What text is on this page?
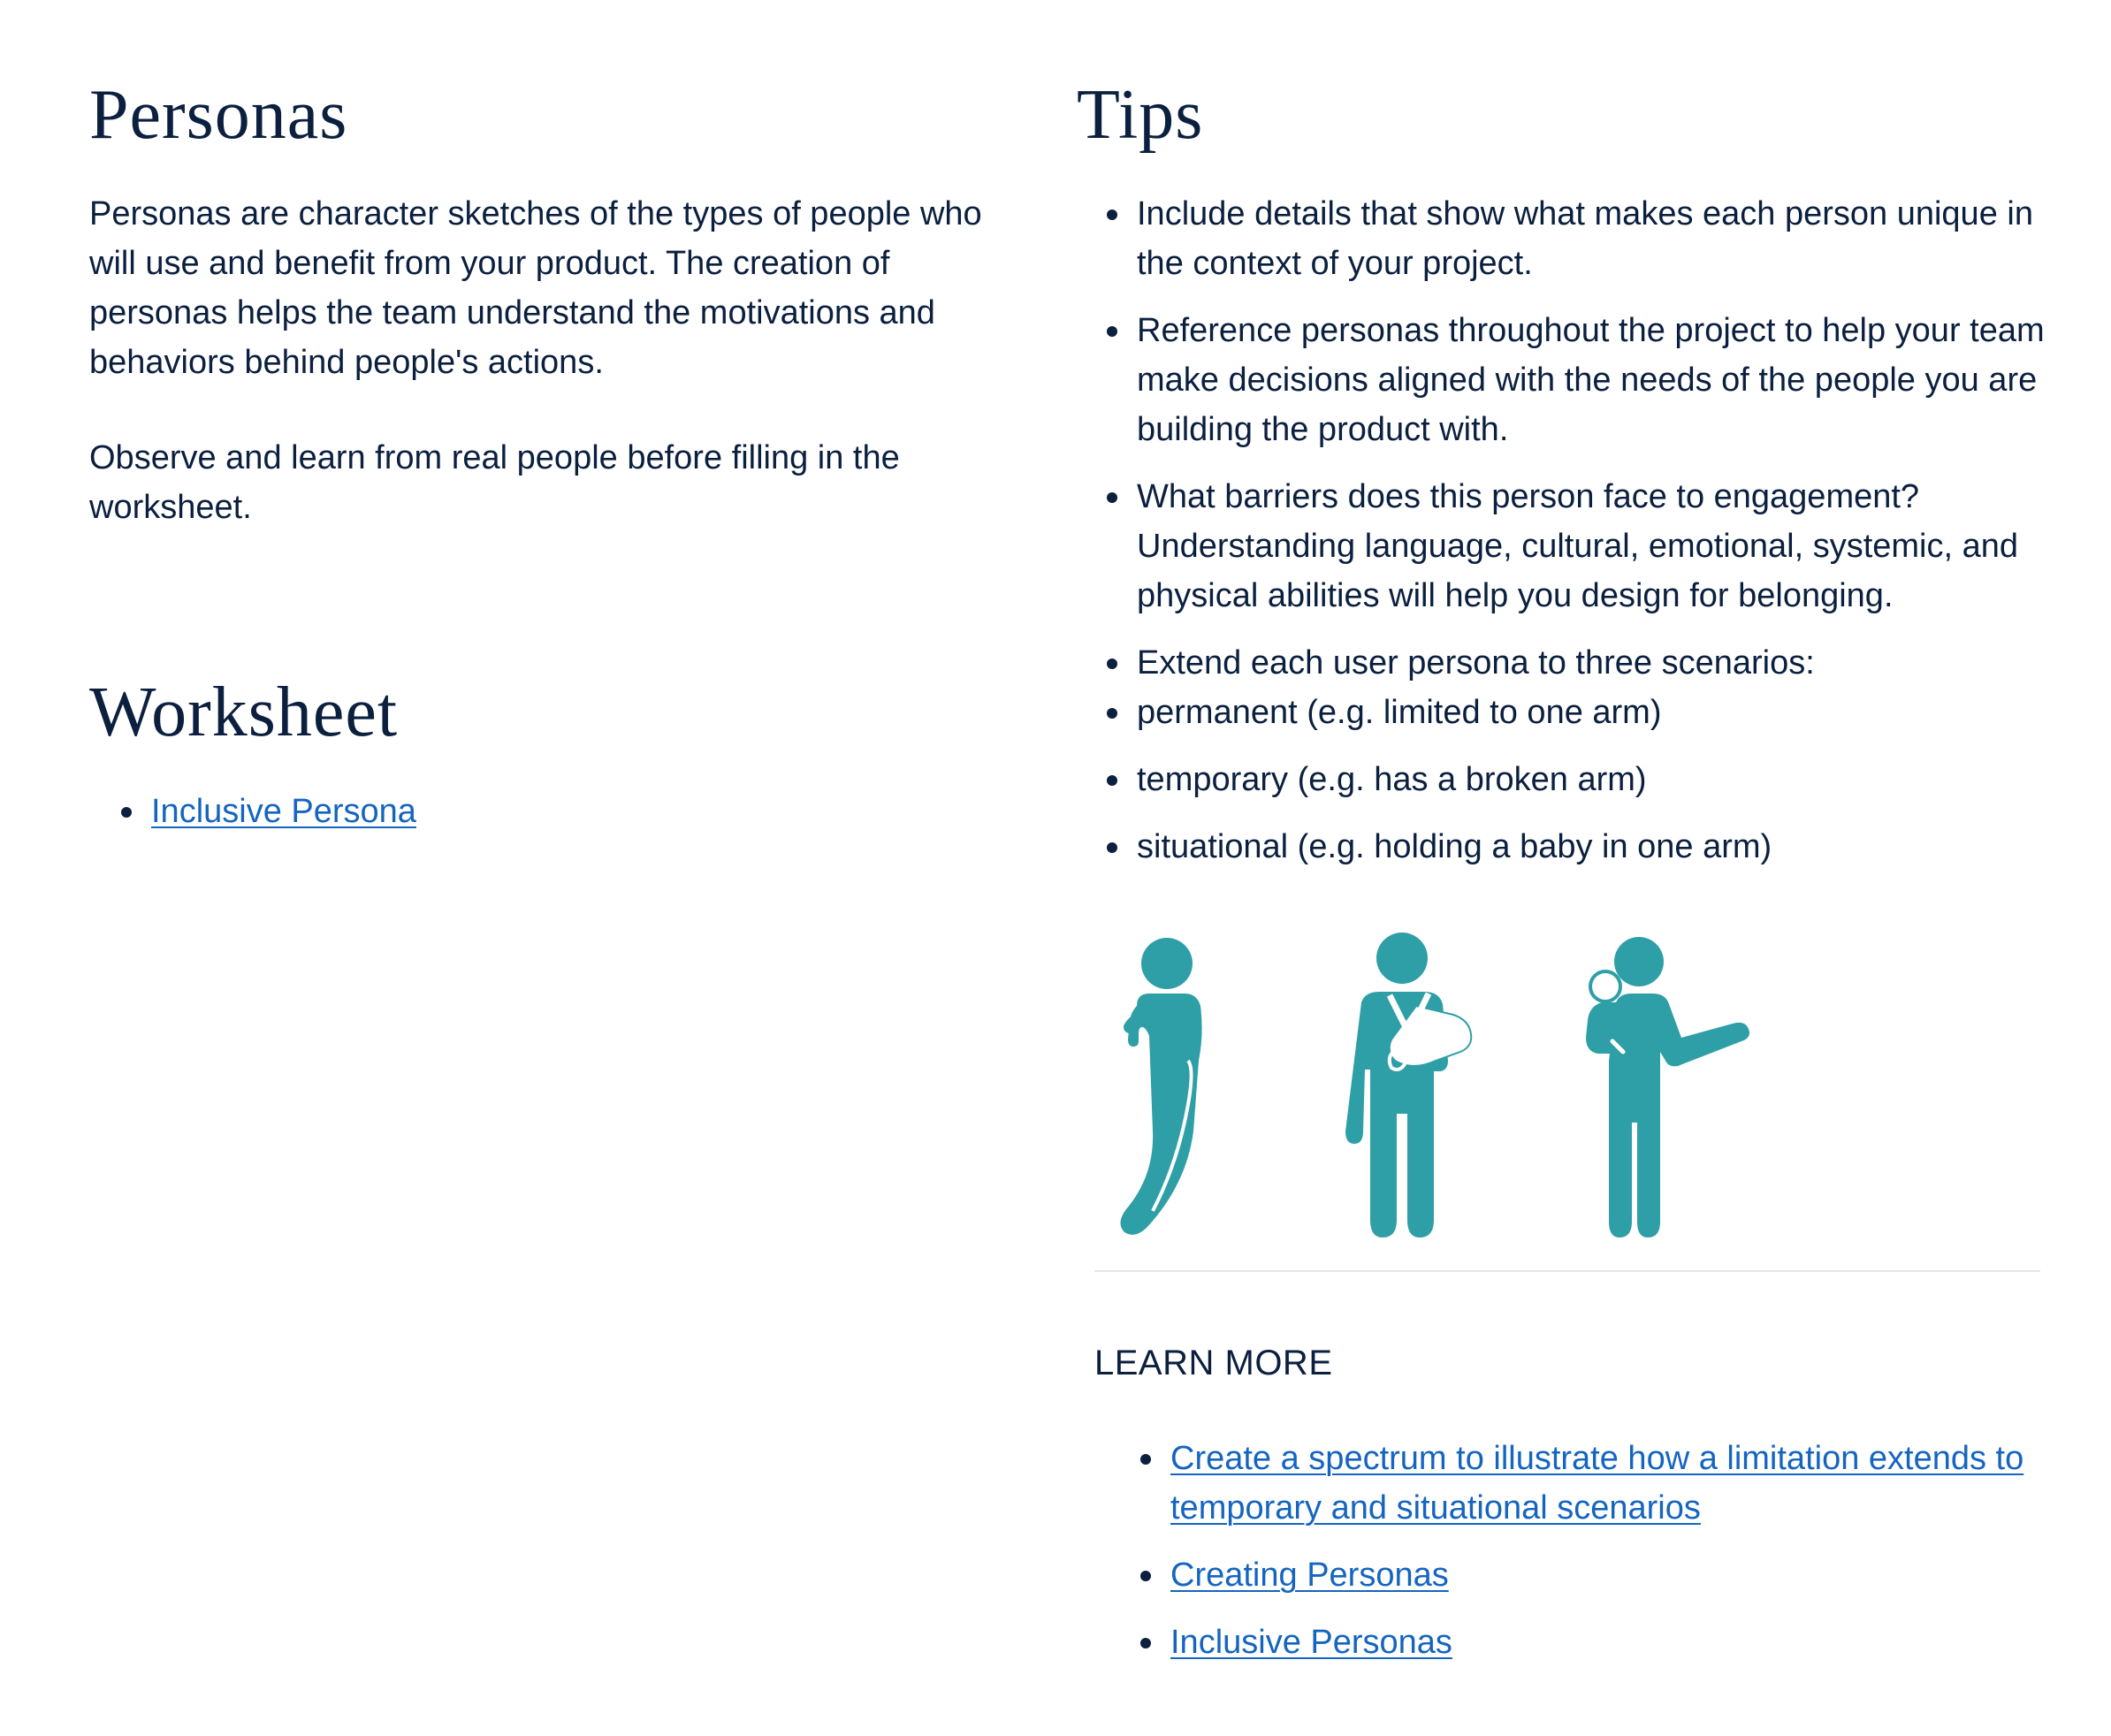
Personas

Personas are character sketches of the types of people who will use and benefit from your product. The creation of personas helps the team understand the motivations and behaviors behind people's actions.

Observe and learn from real people before filling in the worksheet.

Worksheet
Inclusive Persona
Tips
Include details that show what makes each person unique in the context of your project.
Reference personas throughout the project to help your team make decisions aligned with the needs of the people you are building the product with.
What barriers does this person face to engagement? Understanding language, cultural, emotional, systemic, and physical abilities will help you design for belonging.
Extend each user persona to three scenarios:
permanent (e.g. limited to one arm)
temporary (e.g. has a broken arm)
situational (e.g. holding a baby in one arm)
LEARN MORE
Create a spectrum to illustrate how a limitation extends to temporary and situational scenarios
Creating Personas
Inclusive Personas
